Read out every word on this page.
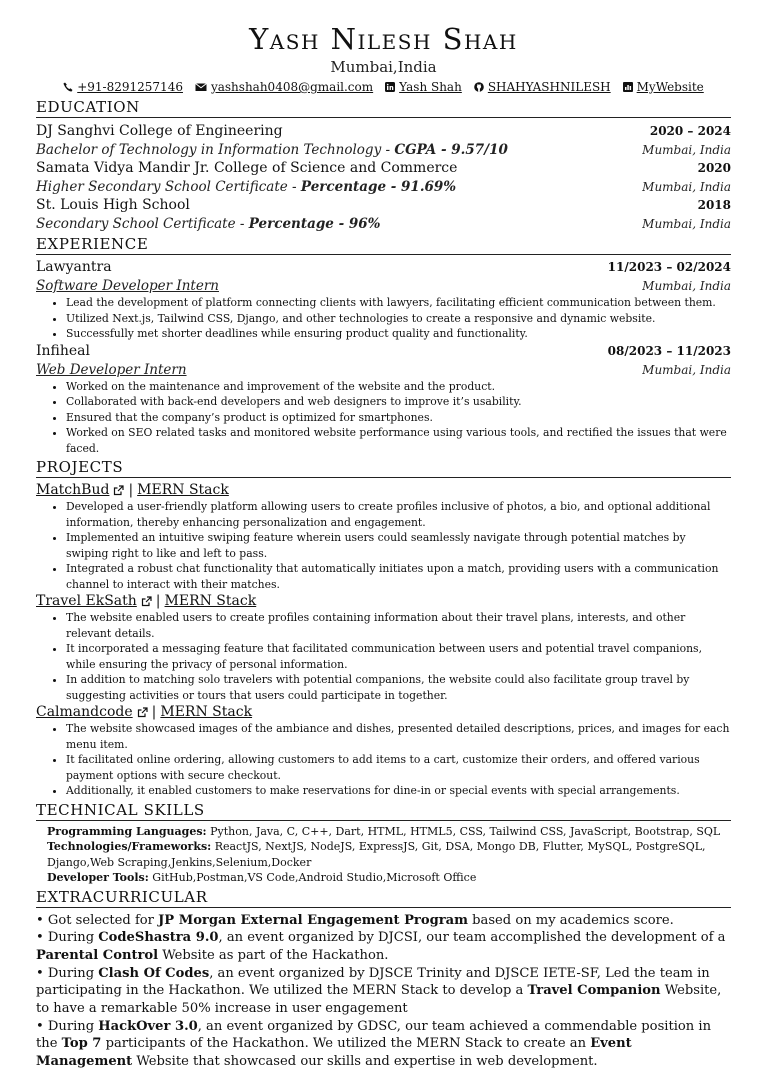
Yash Nilesh Shah
Mumbai,India
+91-8291257146 yashshah0408@gmail.com Yash Shah SHAHYASHNILESH MyWebsite
EDUCATION
DJ Sanghvi College of Engineering	2020 – 2024
Bachelor of Technology in Information Technology - CGPA - 9.57/10	Mumbai, India
Samata Vidya Mandir Jr. College of Science and Commerce	2020
Higher Secondary School Certificate - Percentage - 91.69%	Mumbai, India
St. Louis High School	2018
Secondary School Certificate - Percentage - 96%	Mumbai, India
EXPERIENCE
Lawyantra	11/2023 – 02/2024
Software Developer Intern	Mumbai, India
• Lead the development of platform connecting clients with lawyers, facilitating efficient communication between them.
• Utilized Next.js, Tailwind CSS, Django, and other technologies to create a responsive and dynamic website.
• Successfully met shorter deadlines while ensuring product quality and functionality.
Infiheal	08/2023 – 11/2023
Web Developer Intern	Mumbai, India
• Worked on the maintenance and improvement of the website and the product.
• Collaborated with back-end developers and web designers to improve it’s usability.
• Ensured that the company’s product is optimized for smartphones.
• Worked on SEO related tasks and monitored website performance using various tools, and rectified the issues that were faced.
PROJECTS
MatchBud | MERN Stack
• Developed a user-friendly platform allowing users to create profiles inclusive of photos, a bio, and optional additional information, thereby enhancing personalization and engagement.
• Implemented an intuitive swiping feature wherein users could seamlessly navigate through potential matches by swiping right to like and left to pass.
• Integrated a robust chat functionality that automatically initiates upon a match, providing users with a communication channel to interact with their matches.
Travel EkSath | MERN Stack
• The website enabled users to create profiles containing information about their travel plans, interests, and other relevant details.
• It incorporated a messaging feature that facilitated communication between users and potential travel companions, while ensuring the privacy of personal information.
• In addition to matching solo travelers with potential companions, the website could also facilitate group travel by suggesting activities or tours that users could participate in together.
Calmandcode | MERN Stack
• The website showcased images of the ambiance and dishes, presented detailed descriptions, prices, and images for each menu item.
• It facilitated online ordering, allowing customers to add items to a cart, customize their orders, and offered various payment options with secure checkout.
• Additionally, it enabled customers to make reservations for dine-in or special events with special arrangements.
TECHNICAL SKILLS
Programming Languages: Python, Java, C, C++, Dart, HTML, HTML5, CSS, Tailwind CSS, JavaScript, Bootstrap, SQL
Technologies/Frameworks: ReactJS, NextJS, NodeJS, ExpressJS, Git, DSA, Mongo DB, Flutter, MySQL, PostgreSQL, Django,Web Scraping,Jenkins,Selenium,Docker
Developer Tools: GitHub,Postman,VS Code,Android Studio,Microsoft Office
EXTRACURRICULAR

• Got selected for JP Morgan External Engagement Program based on my academics score.

• During CodeShastra 9.0, an event organized by DJCSI, our team accomplished the development of a Parental Control Website as part of the Hackathon.

• During Clash Of Codes, an event organized by DJSCE Trinity and DJSCE IETE-SF, Led the team in participating in the Hackathon. We utilized the MERN Stack to develop a Travel Companion Website, to have a remarkable 50% increase in user engagement

• During HackOver 3.0, an event organized by GDSC, our team achieved a commendable position in the Top 7 participants of the Hackathon. We utilized the MERN Stack to create an Event Management Website that showcased our skills and expertise in web development.
